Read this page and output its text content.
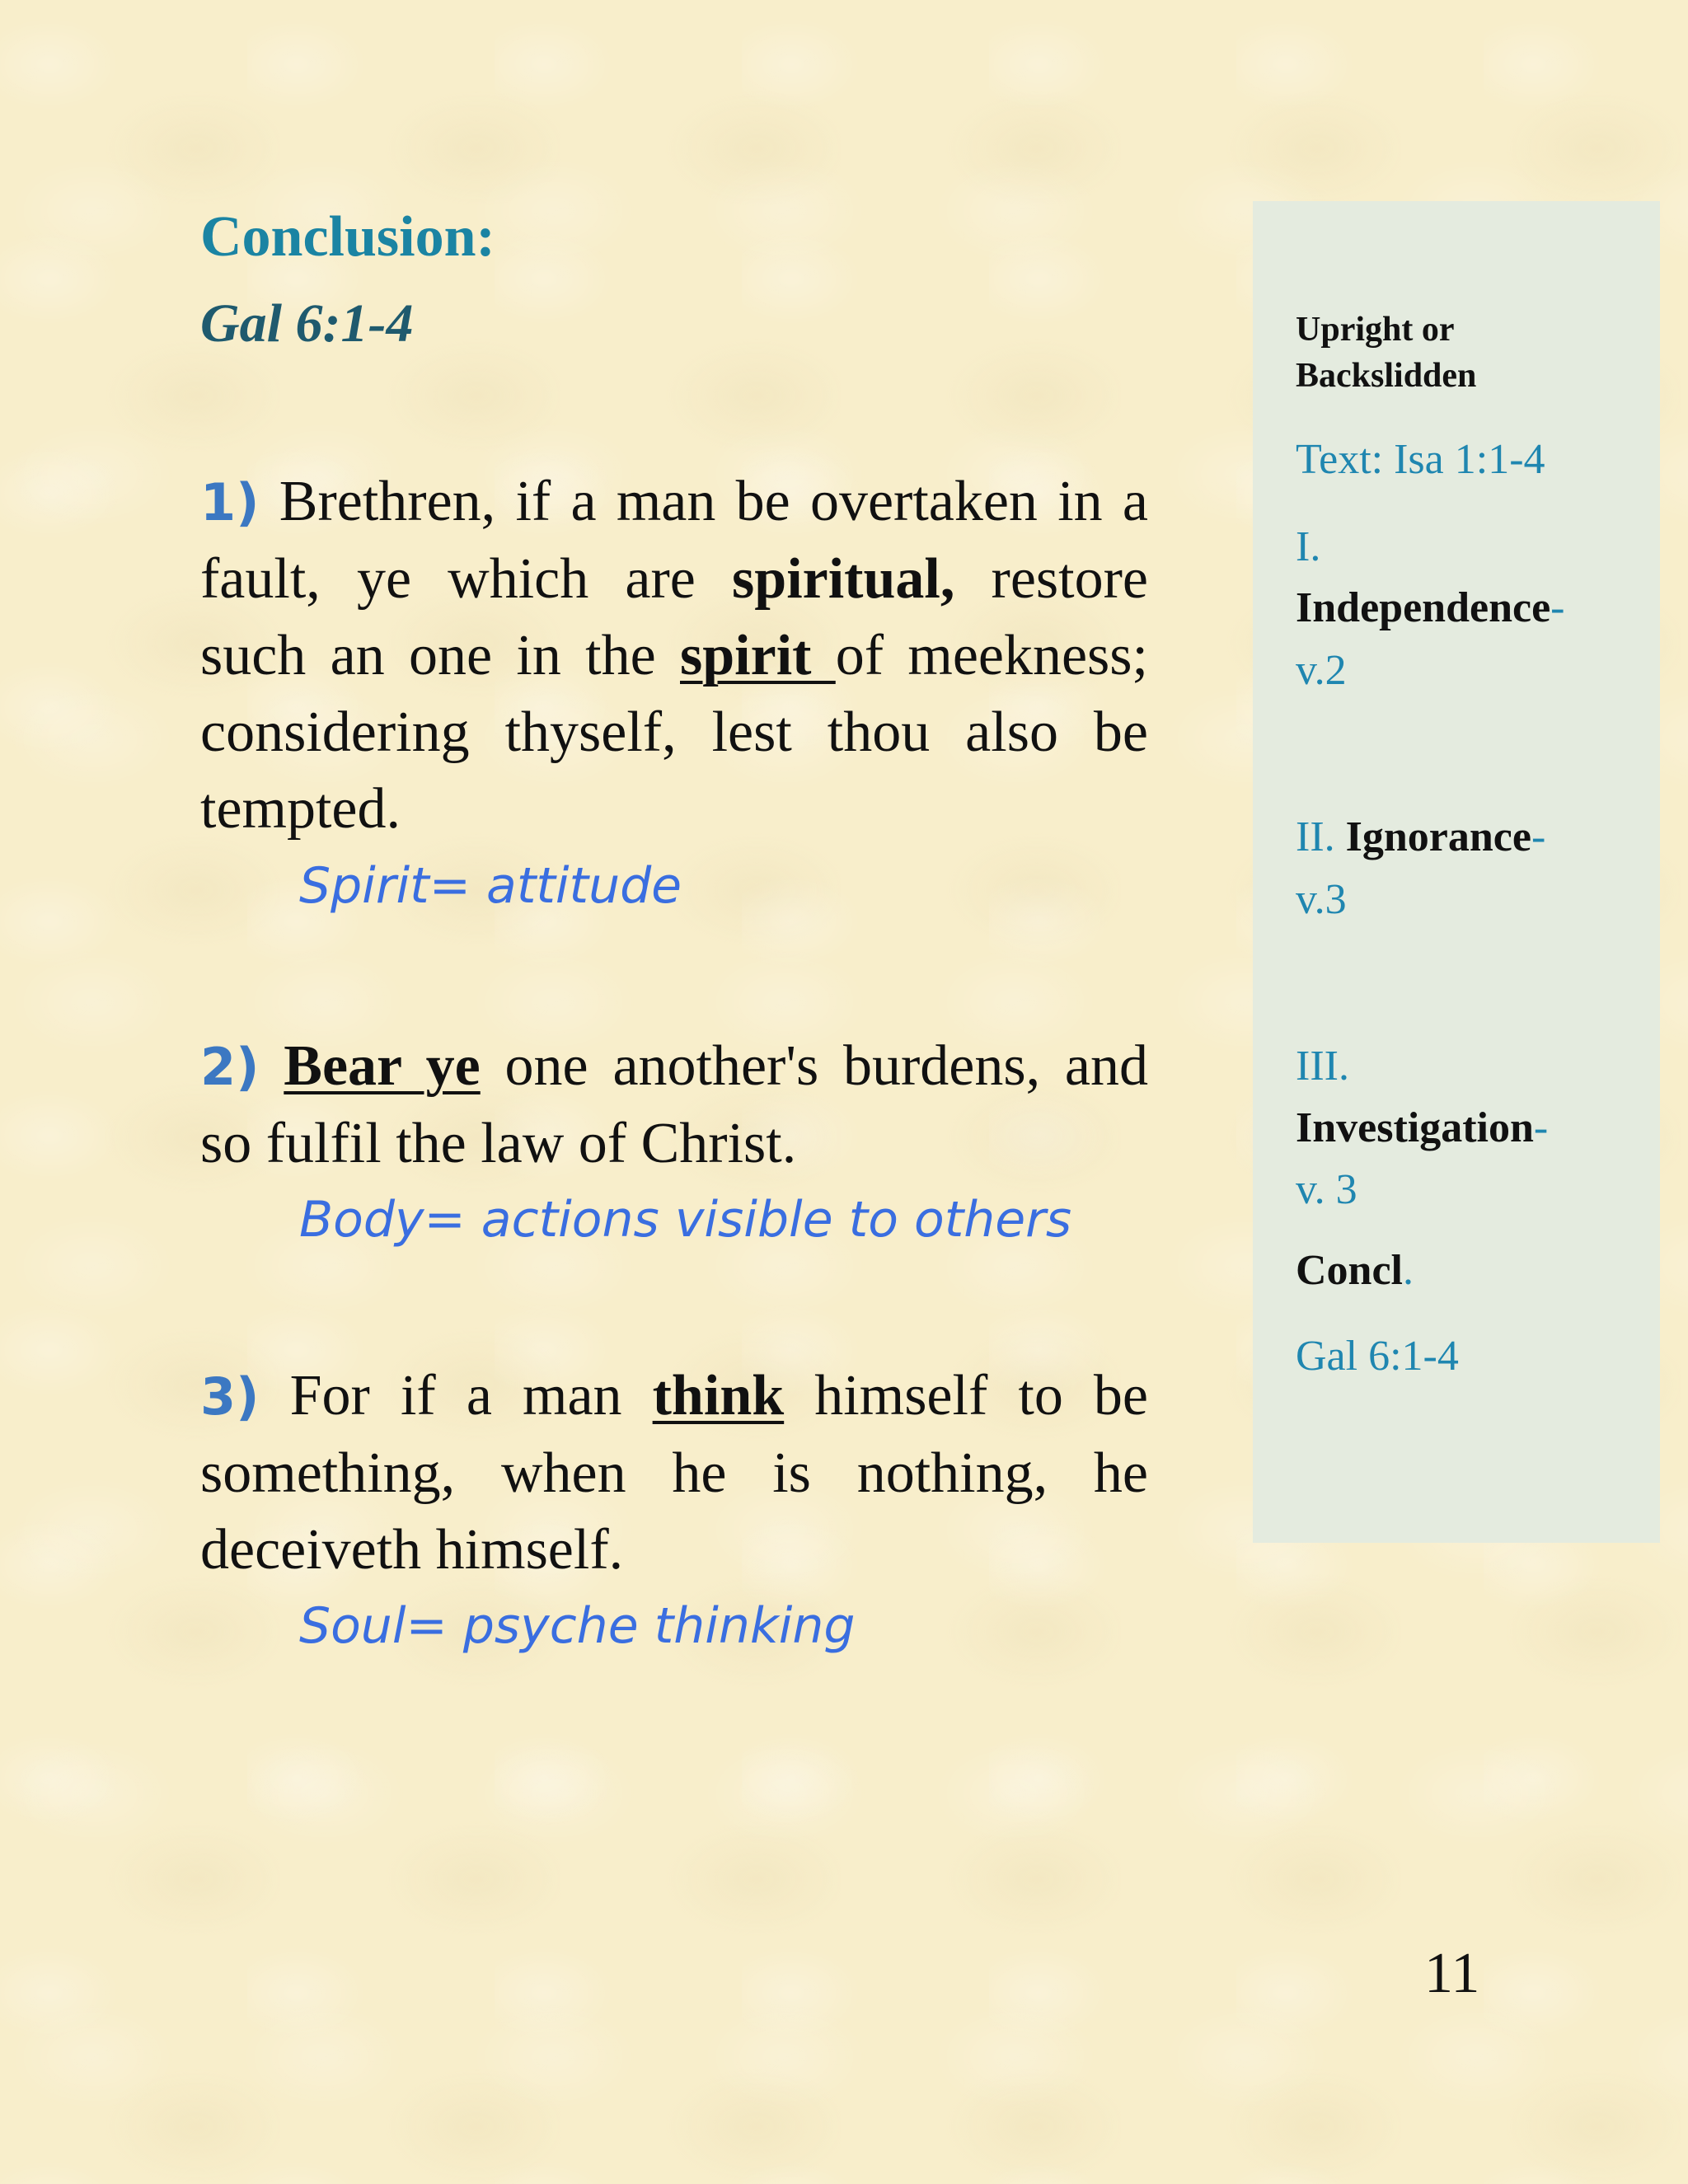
Conclusion:
Gal 6:1-4
1) Brethren, if a man be overtaken in a fault, ye which are spiritual, restore such an one in the spirit of meekness; considering thyself, lest thou also be tempted.
Spirit= attitude
2) Bear ye one another's burdens, and so fulfil the law of Christ.
Body= actions visible to others
3) For if a man think himself to be something, when he is nothing, he deceiveth himself.
Soul= psyche thinking
Upright or
Backslidden
Text: Isa 1:1-4
I.
Independence-
v.2
II. Ignorance-
v.3
III.
Investigation-
v. 3
Concl.
Gal 6:1-4
11
